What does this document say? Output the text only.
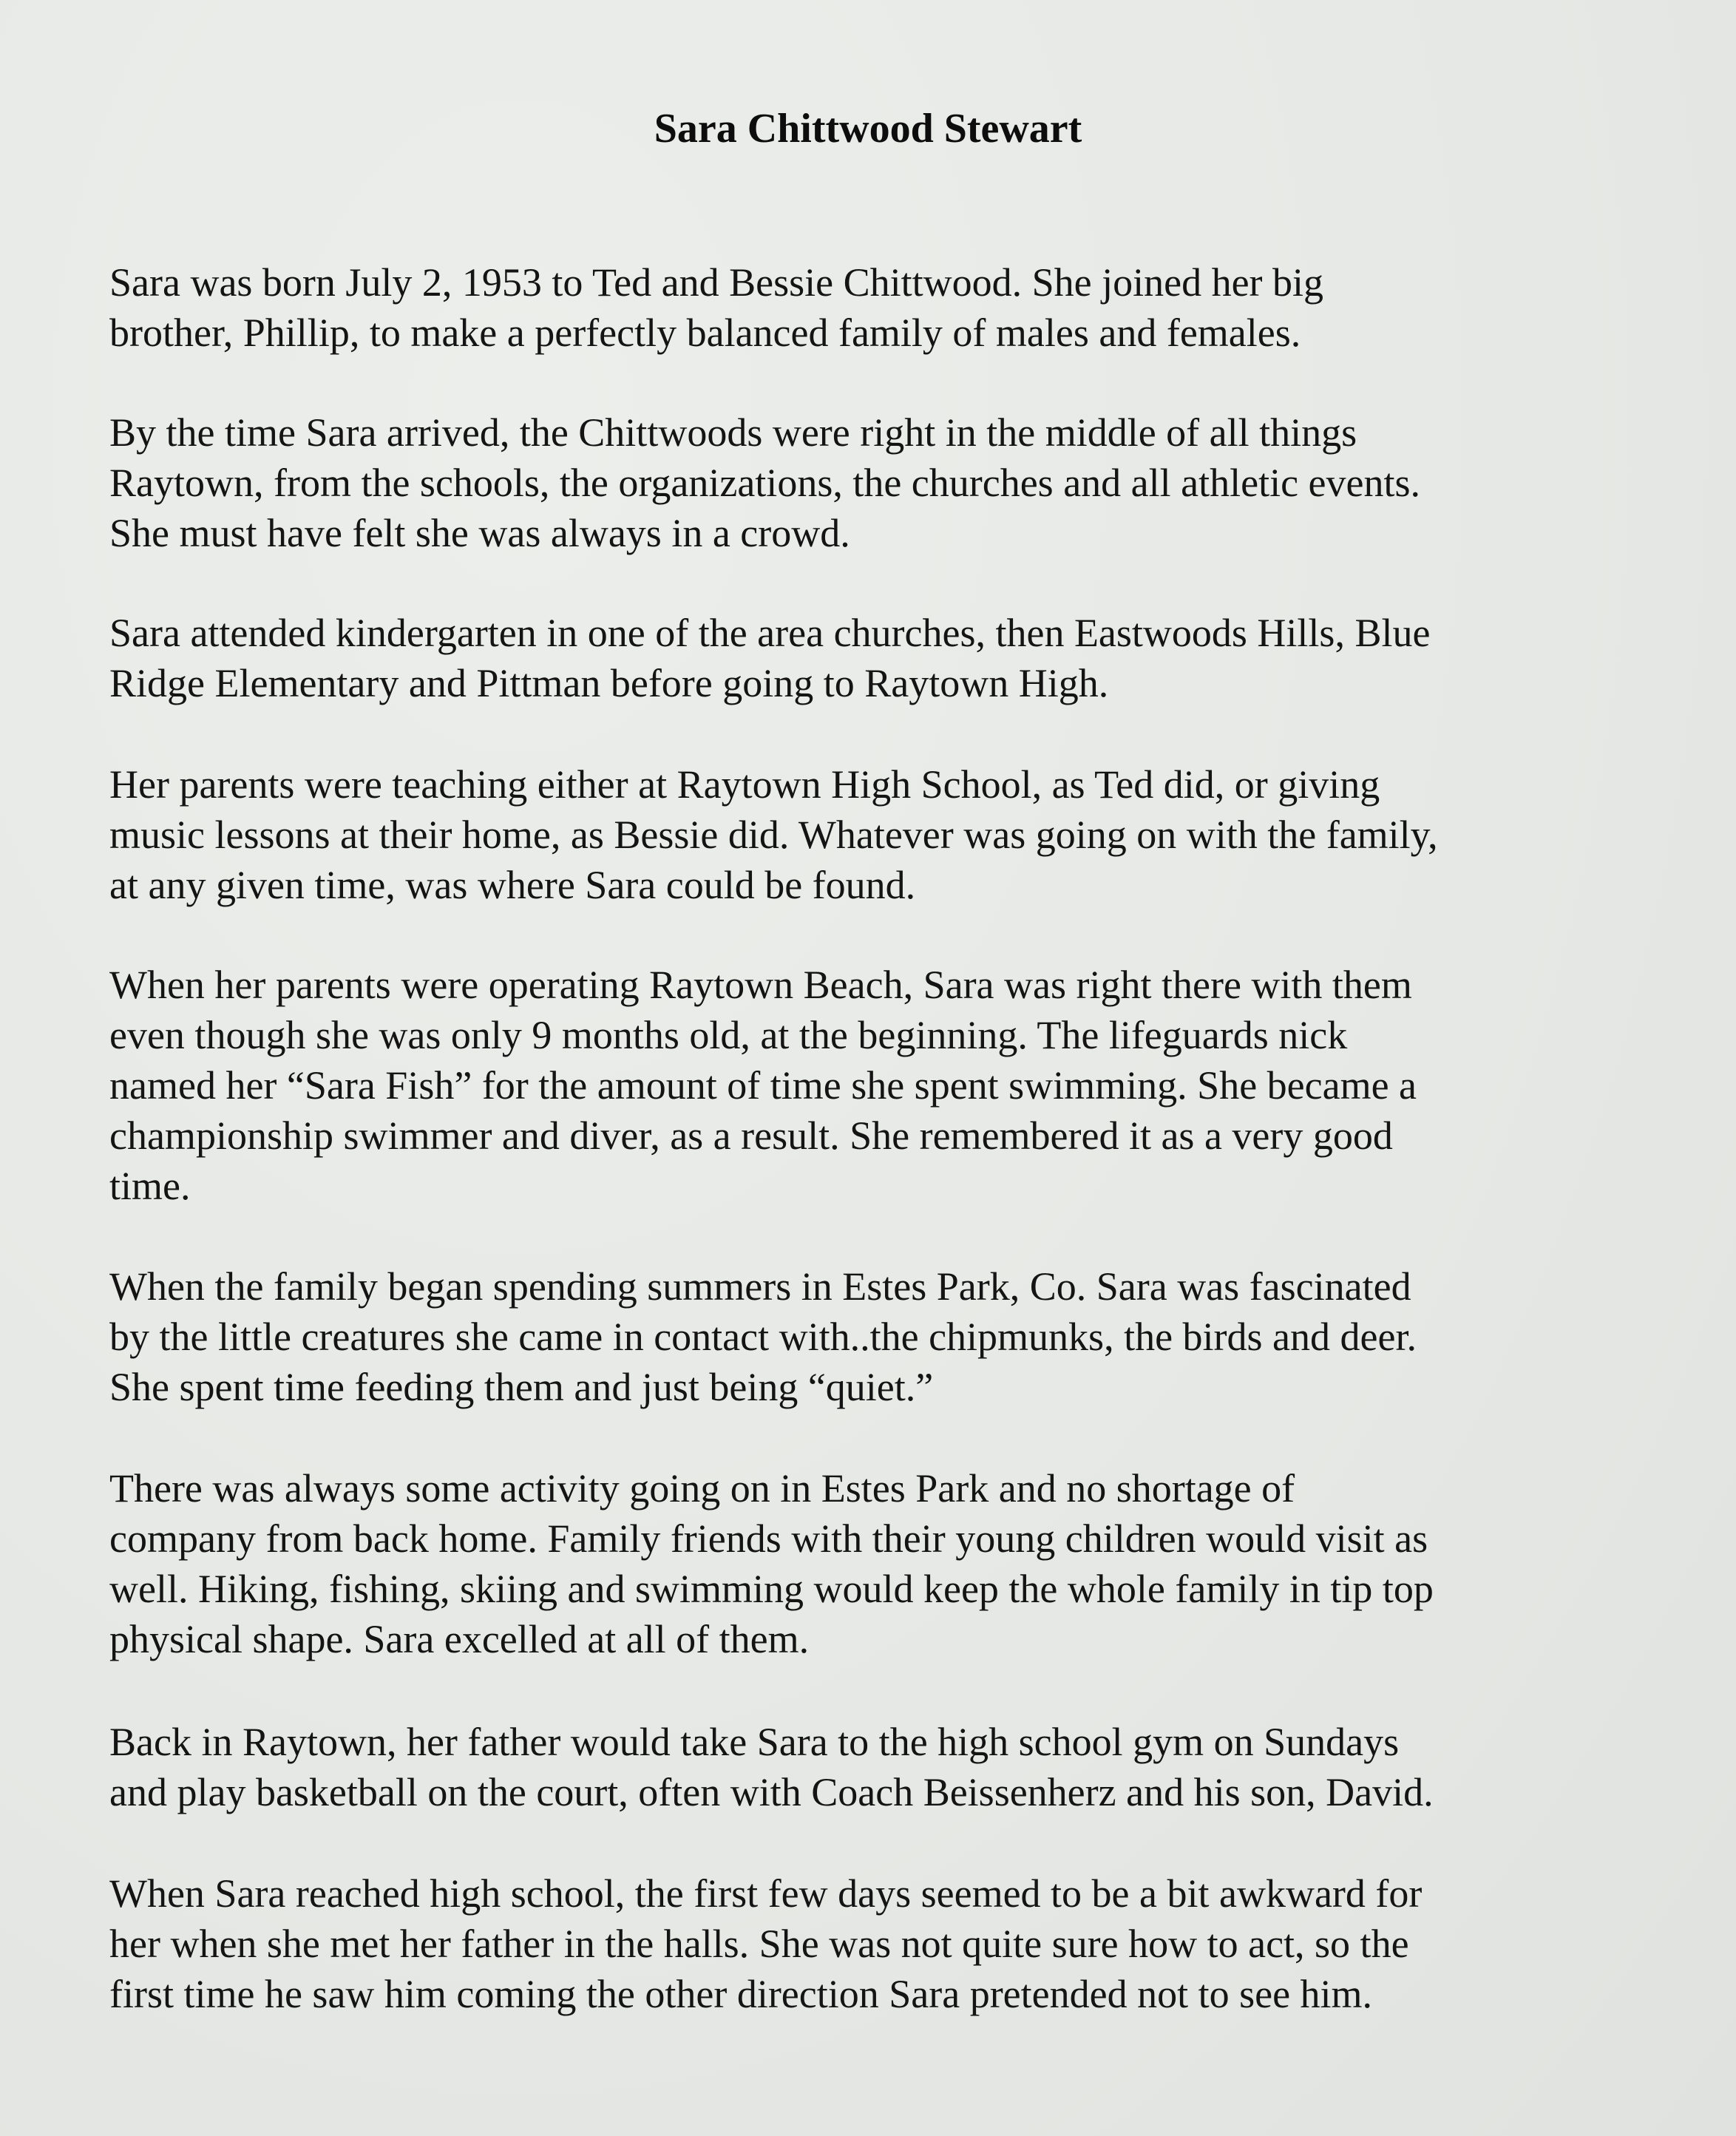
Sara Chittwood Stewart

Sara was born July 2, 1953 to Ted and Bessie Chittwood. She joined her big
brother, Phillip, to make a perfectly balanced family of males and females.

By the time Sara arrived, the Chittwoods were right in the middle of all things
Raytown, from the schools, the organizations, the churches and all athletic events.
She must have felt she was always in a crowd.

Sara attended kindergarten in one of the area churches, then Eastwoods Hills, Blue
Ridge Elementary and Pittman before going to Raytown High.

Her parents were teaching either at Raytown High School, as Ted did, or giving
music lessons at their home, as Bessie did. Whatever was going on with the family,
at any given time, was where Sara could be found.

When her parents were operating Raytown Beach, Sara was right there with them
even though she was only 9 months old, at the beginning. The lifeguards nick
named her “Sara Fish” for the amount of time she spent swimming. She became a
championship swimmer and diver, as a result. She remembered it as a very good
time.

When the family began spending summers in Estes Park, Co. Sara was fascinated
by the little creatures she came in contact with..the chipmunks, the birds and deer.
She spent time feeding them and just being “quiet.”

There was always some activity going on in Estes Park and no shortage of
company from back home. Family friends with their young children would visit as
well. Hiking, fishing, skiing and swimming would keep the whole family in tip top
physical shape. Sara excelled at all of them.

Back in Raytown, her father would take Sara to the high school gym on Sundays
and play basketball on the court, often with Coach Beissenherz and his son, David.

When Sara reached high school, the first few days seemed to be a bit awkward for
her when she met her father in the halls. She was not quite sure how to act, so the
first time he saw him coming the other direction Sara pretended not to see him.
